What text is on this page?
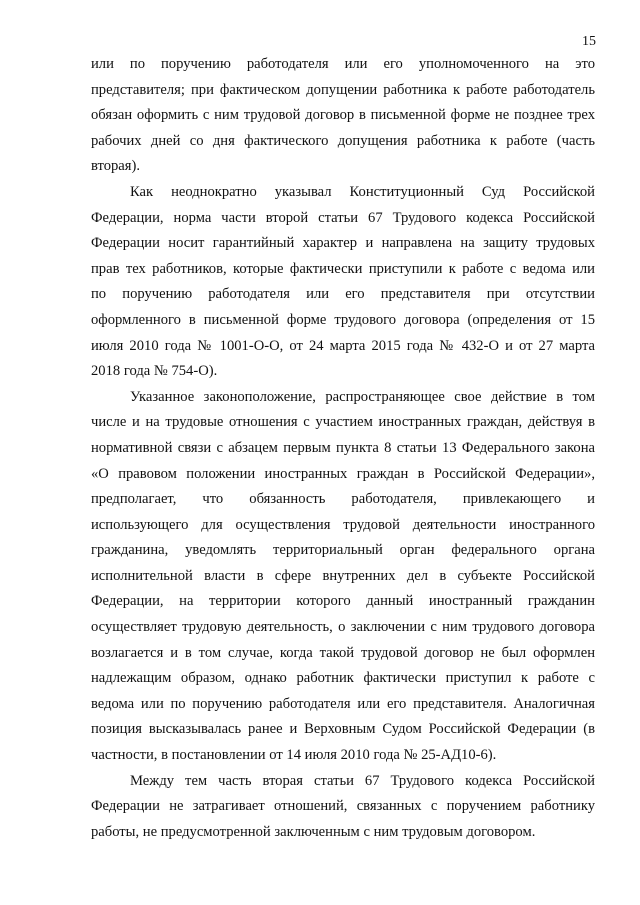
15

или по поручению работодателя или его уполномоченного на это
представителя; при фактическом допущении работника к работе работодатель
обязан оформить с ним трудовой договор в письменной форме не позднее трех
рабочих дней со дня фактического допущения работника к работе (часть
вторая).

Как неоднократно указывал Конституционный Суд Российской
Федерации, норма части второй статьи 67 Трудового кодекса Российской
Федерации носит гарантийный характер и направлена на защиту трудовых
прав тех работников, которые фактически приступили к работе с ведома или
по поручению работодателя или его представителя при отсутствии
оформленного в письменной форме трудового договора (определения от 15
июля 2010 года № 1001-О-О, от 24 марта 2015 года № 432-О и от 27 марта
2018 года № 754-О).

Указанное законоположение, распространяющее свое действие в том
числе и на трудовые отношения с участием иностранных граждан, действуя в
нормативной связи с абзацем первым пункта 8 статьи 13 Федерального закона
«О правовом положении иностранных граждан в Российской Федерации»,
предполагает, что обязанность работодателя, привлекающего и
использующего для осуществления трудовой деятельности иностранного
гражданина, уведомлять территориальный орган федерального органа
исполнительной власти в сфере внутренних дел в субъекте Российской
Федерации, на территории которого данный иностранный гражданин
осуществляет трудовую деятельность, о заключении с ним трудового договора
возлагается и в том случае, когда такой трудовой договор не был оформлен
надлежащим образом, однако работник фактически приступил к работе с
ведома или по поручению работодателя или его представителя. Аналогичная
позиция высказывалась ранее и Верховным Судом Российской Федерации (в
частности, в постановлении от 14 июля 2010 года № 25-АД10-6).

Между тем часть вторая статьи 67 Трудового кодекса Российской
Федерации не затрагивает отношений, связанных с поручением работнику
работы, не предусмотренной заключенным с ним трудовым договором.
